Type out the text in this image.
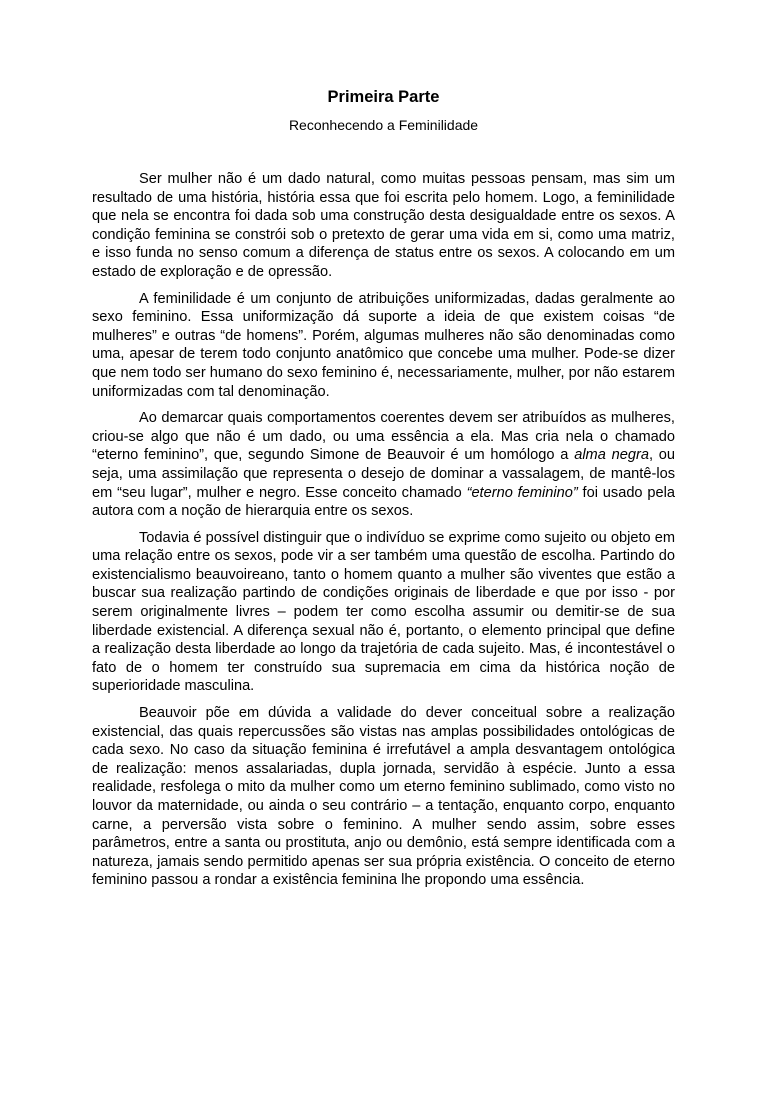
Primeira Parte
Reconhecendo a Feminilidade

Ser mulher não é um dado natural, como muitas pessoas pensam, mas sim um resultado de uma história, história essa que foi escrita pelo homem. Logo, a feminilidade que nela se encontra foi dada sob uma construção desta desigualdade entre os sexos. A condição feminina se constrói sob o pretexto de gerar uma vida em si, como uma matriz, e isso funda no senso comum a diferença de status entre os sexos. A colocando em um estado de exploração e de opressão.

A feminilidade é um conjunto de atribuições uniformizadas, dadas geralmente ao sexo feminino. Essa uniformização dá suporte a ideia de que existem coisas “de mulheres” e outras “de homens”. Porém, algumas mulheres não são denominadas como uma, apesar de terem todo conjunto anatômico que concebe uma mulher. Pode-se dizer que nem todo ser humano do sexo feminino é, necessariamente, mulher, por não estarem uniformizadas com tal denominação.

Ao demarcar quais comportamentos coerentes devem ser atribuídos as mulheres, criou-se algo que não é um dado, ou uma essência a ela. Mas cria nela o chamado “eterno feminino”, que, segundo Simone de Beauvoir é um homólogo a alma negra, ou seja, uma assimilação que representa o desejo de dominar a vassalagem, de mantê-los em “seu lugar”, mulher e negro. Esse conceito chamado “eterno feminino” foi usado pela autora com a noção de hierarquia entre os sexos.

Todavia é possível distinguir que o indivíduo se exprime como sujeito ou objeto em uma relação entre os sexos, pode vir a ser também uma questão de escolha. Partindo do existencialismo beauvoireano, tanto o homem quanto a mulher são viventes que estão a buscar sua realização partindo de condições originais de liberdade e que por isso - por serem originalmente livres – podem ter como escolha assumir ou demitir-se de sua liberdade existencial. A diferença sexual não é, portanto, o elemento principal que define a realização desta liberdade ao longo da trajetória de cada sujeito. Mas, é incontestável o fato de o homem ter construído sua supremacia em cima da histórica noção de superioridade masculina.

Beauvoir põe em dúvida a validade do dever conceitual sobre a realização existencial, das quais repercussões são vistas nas amplas possibilidades ontológicas de cada sexo. No caso da situação feminina é irrefutável a ampla desvantagem ontológica de realização: menos assalariadas, dupla jornada, servidão à espécie. Junto a essa realidade, resfolega o mito da mulher como um eterno feminino sublimado, como visto no louvor da maternidade, ou ainda o seu contrário – a tentação, enquanto corpo, enquanto carne, a perversão vista sobre o feminino. A mulher sendo assim, sobre esses parâmetros, entre a santa ou prostituta, anjo ou demônio, está sempre identificada com a natureza, jamais sendo permitido apenas ser sua própria existência. O conceito de eterno feminino passou a rondar a existência feminina lhe propondo uma essência.
